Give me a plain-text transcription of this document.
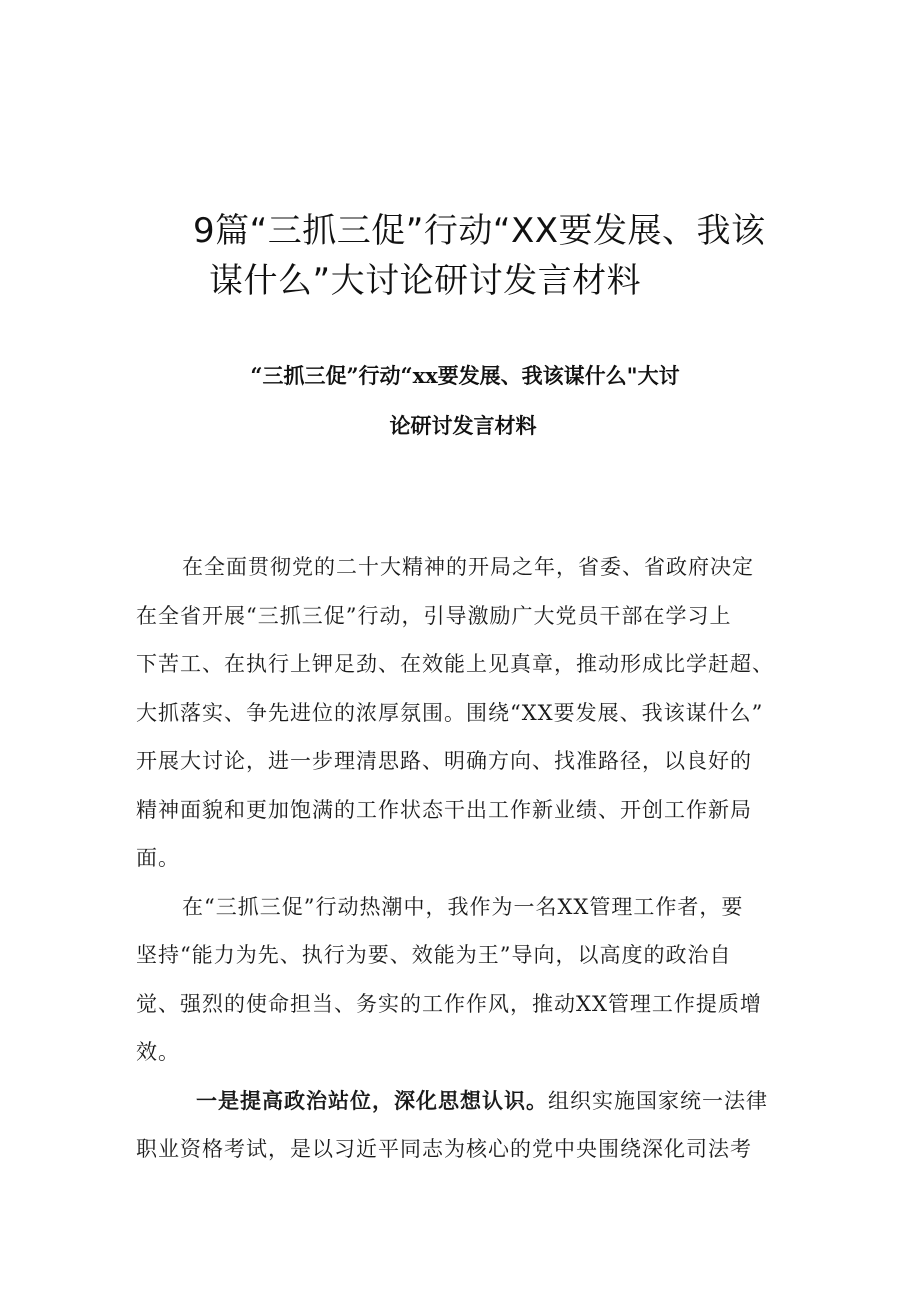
9篇“三抓三促”行动“XX要发展、我该
谋什么”大讨论研讨发言材料
“三抓三促”行动“xx要发展、我该谋什么"大讨
论研讨发言材料
在全面贯彻党的二十大精神的开局之年，省委、省政府决定
在全省开展“三抓三促”行动，引导激励广大党员干部在学习上
下苦工、在执行上钾足劲、在效能上见真章，推动形成比学赶超、
大抓落实、争先进位的浓厚氛围。围绕“XX要发展、我该谋什么”
开展大讨论，进一步理清思路、明确方向、找准路径，以良好的
精神面貌和更加饱满的工作状态干出工作新业绩、开创工作新局
面。
在“三抓三促”行动热潮中，我作为一名XX管理工作者，要
坚持“能力为先、执行为要、效能为王”导向，以高度的政治自
觉、强烈的使命担当、务实的工作作风，推动XX管理工作提质增
效。
一是提高政治站位，深化思想认识。组织实施国家统一法律
职业资格考试，是以习近平同志为核心的党中央围绕深化司法考
